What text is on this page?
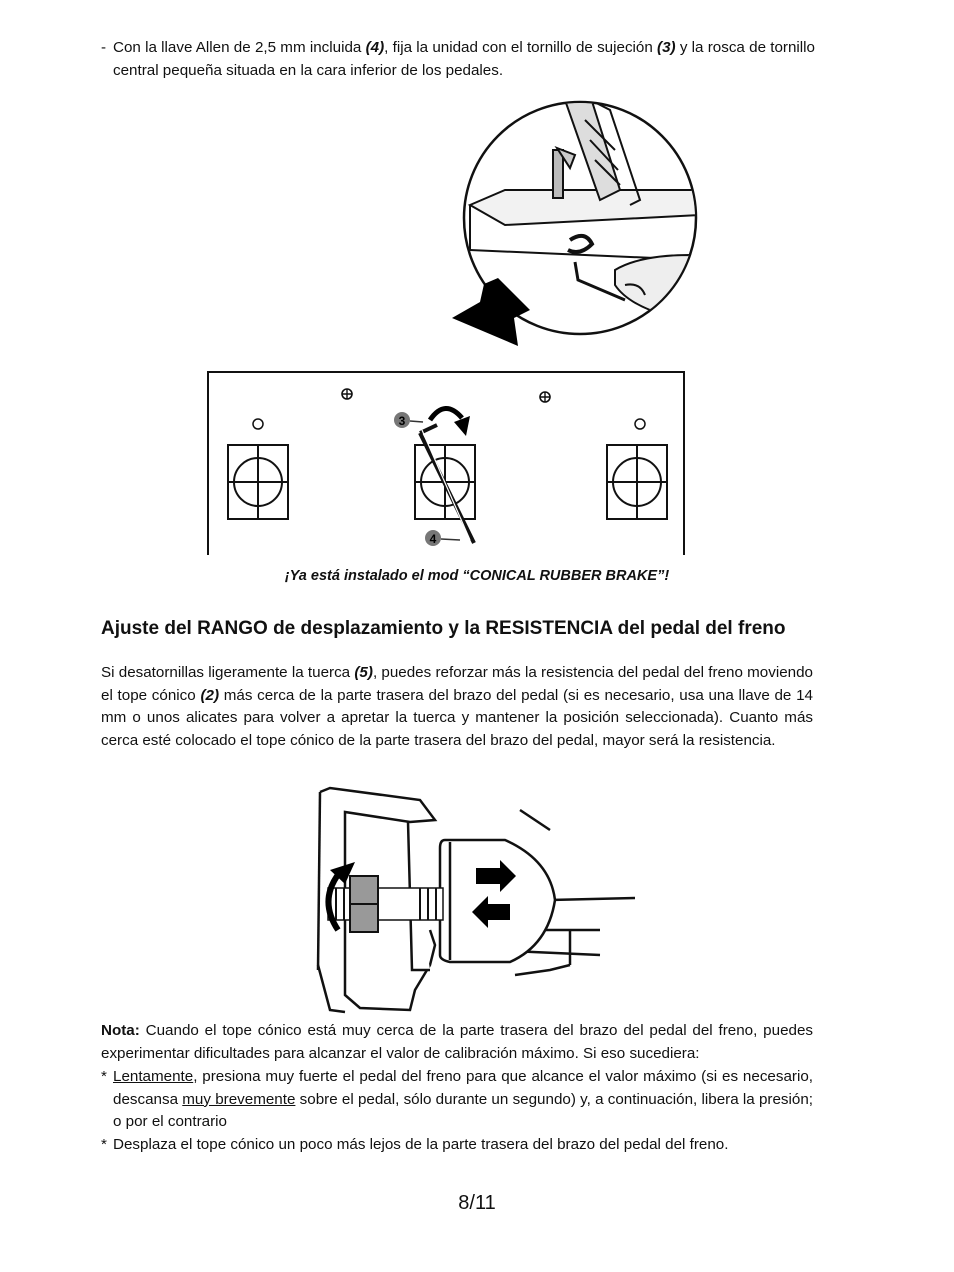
- Con la llave Allen de 2,5 mm incluida (4), fija la unidad con el tornillo de sujeción (3) y la rosca de tornillo central pequeña situada en la cara inferior de los pedales.
3
4
¡Ya está instalado el mod “CONICAL RUBBER BRAKE”!
Ajuste del RANGO de desplazamiento y la RESISTENCIA del pedal del freno
Si desatornillas ligeramente la tuerca (5), puedes reforzar más la resistencia del pedal del freno moviendo el tope cónico (2) más cerca de la parte trasera del brazo del pedal (si es necesario, usa una llave de 14 mm o unos alicates para volver a apretar la tuerca y mantener la posición seleccionada). Cuanto más cerca esté colocado el tope cónico de la parte trasera del brazo del pedal, mayor será la resistencia.
Nota: Cuando el tope cónico está muy cerca de la parte trasera del brazo del pedal del freno, puedes experimentar dificultades para alcanzar el valor de calibración máximo. Si eso sucediera:
* Lentamente, presiona muy fuerte el pedal del freno para que alcance el valor máximo (si es necesario, descansa muy brevemente sobre el pedal, sólo durante un segundo) y, a continuación, libera la presión; o por el contrario
* Desplaza el tope cónico un poco más lejos de la parte trasera del brazo del pedal del freno.
8/11
